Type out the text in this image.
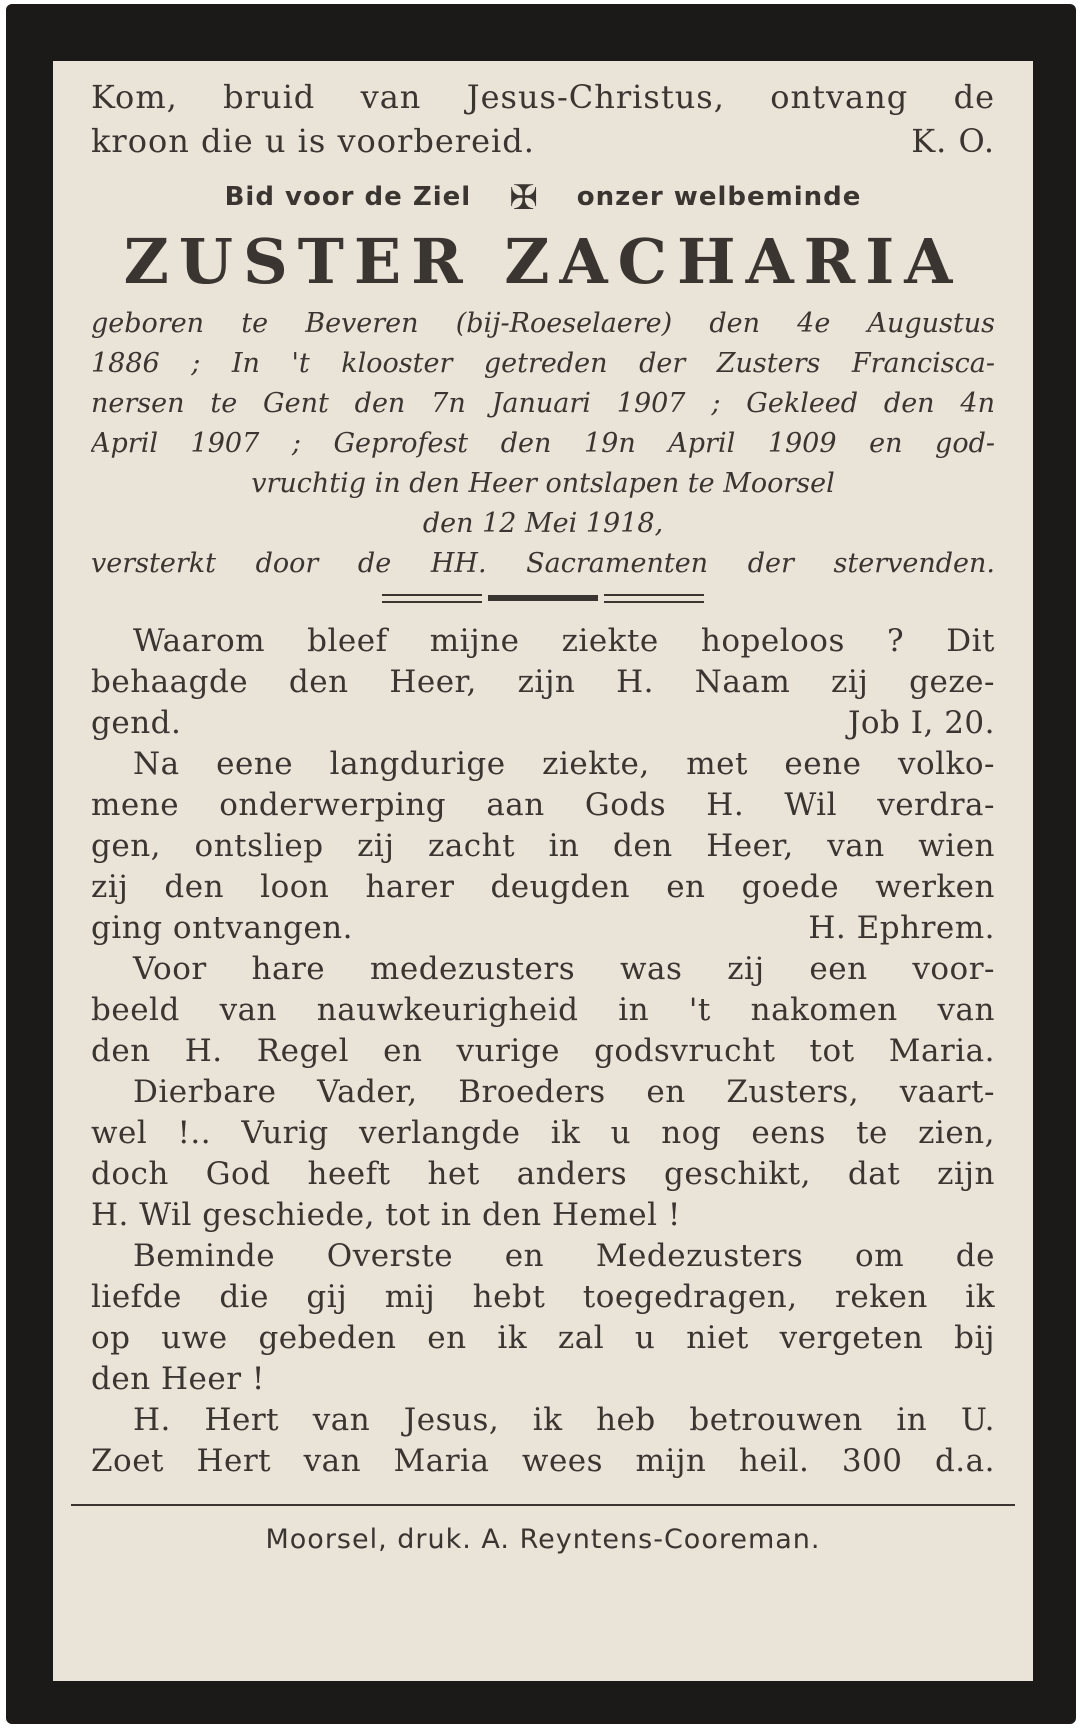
Kom, bruid van Jesus-Christus, ontvang de
kroon die u is voorbereid.	K. O.
Bid voor de Ziel ✠ onzer welbeminde
ZUSTER ZACHARIA
geboren te Beveren (bij-Roeselaere) den 4e Augustus
1886 ; In 't klooster getreden der Zusters Francisca-
nersen te Gent den 7n Januari 1907 ; Gekleed den 4n
April 1907 ; Geprofest den 19n April 1909 en god-
vruchtig in den Heer ontslapen te Moorsel
den 12 Mei 1918,
versterkt door de HH. Sacramenten der stervenden.
Waarom bleef mijne ziekte hopeloos ? Dit
behaagde den Heer, zijn H. Naam zij geze-
gend.	Job I, 20.
Na eene langdurige ziekte, met eene volko-
mene onderwerping aan Gods H. Wil verdra-
gen, ontsliep zij zacht in den Heer, van wien
zij den loon harer deugden en goede werken
ging ontvangen.	H. Ephrem.
Voor hare medezusters was zij een voor-
beeld van nauwkeurigheid in 't nakomen van
den H. Regel en vurige godsvrucht tot Maria.
Dierbare Vader, Broeders en Zusters, vaart-
wel !.. Vurig verlangde ik u nog eens te zien,
doch God heeft het anders geschikt, dat zijn
H. Wil geschiede, tot in den Hemel !
Beminde Overste en Medezusters om de
liefde die gij mij hebt toegedragen, reken ik
op uwe gebeden en ik zal u niet vergeten bij
den Heer !
H. Hert van Jesus, ik heb betrouwen in U.
Zoet Hert van Maria wees mijn heil. 300 d.a.
Moorsel, druk. A. Reyntens-Cooreman.
